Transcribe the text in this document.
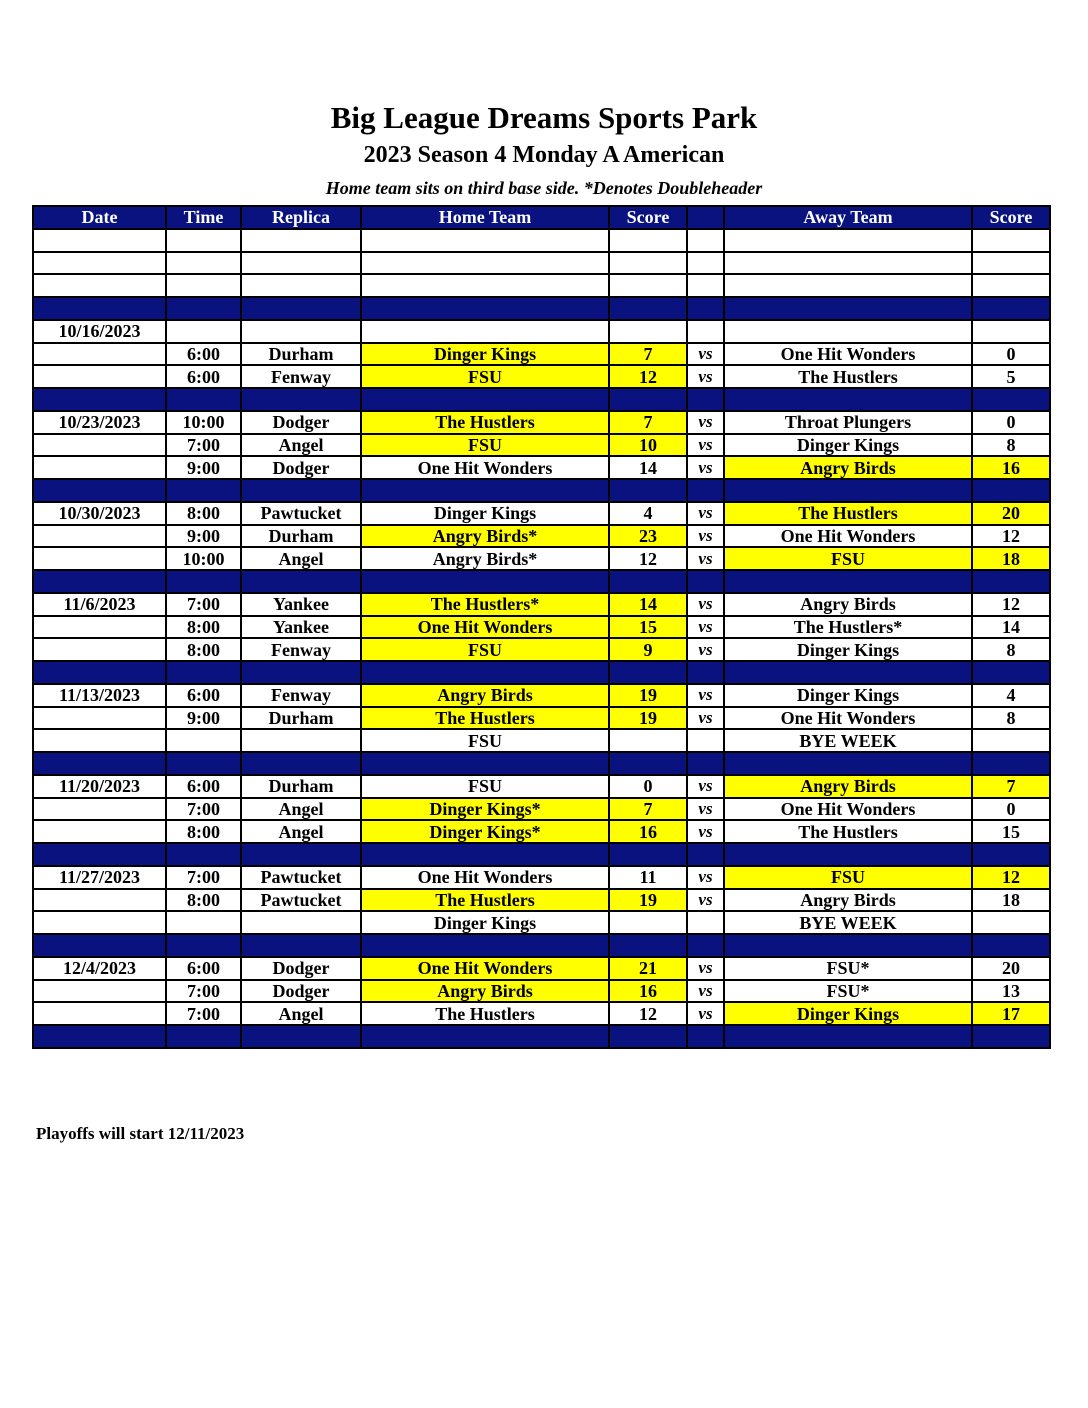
Big League Dreams Sports Park
2023 Season 4 Monday A American
Home team sits on third base side. *Denotes Doubleheader
Date	Time	Replica	Home Team	Score		Away Team	Score

10/16/2023							
	6:00	Durham	Dinger Kings	7	vs	One Hit Wonders	0
	6:00	Fenway	FSU	12	vs	The Hustlers	5

10/23/2023	10:00	Dodger	The Hustlers	7	vs	Throat Plungers	0
	7:00	Angel	FSU	10	vs	Dinger Kings	8
	9:00	Dodger	One Hit Wonders	14	vs	Angry Birds	16

10/30/2023	8:00	Pawtucket	Dinger Kings	4	vs	The Hustlers	20
	9:00	Durham	Angry Birds*	23	vs	One Hit Wonders	12
	10:00	Angel	Angry Birds*	12	vs	FSU	18

11/6/2023	7:00	Yankee	The Hustlers*	14	vs	Angry Birds	12
	8:00	Yankee	One Hit Wonders	15	vs	The Hustlers*	14
	8:00	Fenway	FSU	9	vs	Dinger Kings	8

11/13/2023	6:00	Fenway	Angry Birds	19	vs	Dinger Kings	4
	9:00	Durham	The Hustlers	19	vs	One Hit Wonders	8
			FSU			BYE WEEK	

11/20/2023	6:00	Durham	FSU	0	vs	Angry Birds	7
	7:00	Angel	Dinger Kings*	7	vs	One Hit Wonders	0
	8:00	Angel	Dinger Kings*	16	vs	The Hustlers	15

11/27/2023	7:00	Pawtucket	One Hit Wonders	11	vs	FSU	12
	8:00	Pawtucket	The Hustlers	19	vs	Angry Birds	18
			Dinger Kings			BYE WEEK	

12/4/2023	6:00	Dodger	One Hit Wonders	21	vs	FSU*	20
	7:00	Dodger	Angry Birds	16	vs	FSU*	13
	7:00	Angel	The Hustlers	12	vs	Dinger Kings	17

Playoffs will start 12/11/2023
